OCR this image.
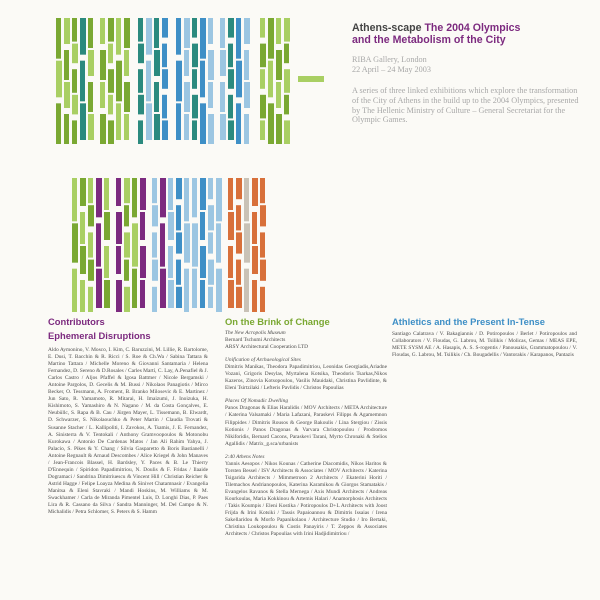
Athens-scape The 2004 Olympics
and the Metabolism of the City
RIBA Gallery, London
22 April – 24 May 2003
A series of three linked exhibitions which explore the transformation of the City of Athens in the build up to the 2004 Olympics, presented by The Hellenic Ministry of Culture – General Secretariat for the Olympic Games.
Contributors
Ephemeral Disruptions
Aldo Aymonino, V. Mosco, I. Kim, C. Baruzzini, M. Lillie, R. Bartolome, E. Dusi, T. Bacchin & R. Ricci / S. Roe & Ch.Wa / Sabina Tattara & Martino Tattara / Michelle Moreno & Giovanni Santamaria / Helena Fernandez, D. Sereno & D.Rosales / Carles Martí, C. Lay, A.Penafiel & J. Carlos Castro / Aljos Pfaffel & Igosa Battmer / Nicole Bergamski / Antoine Pargolos, D. Gecelis & M. Bussi / Nikolaos Panagiotis / Mirco Becker, O. Tessmann, A. Froment, B. Branko Milosevic & E. Martinez / Jun Sato, R. Yamamoto, R. Mitarai, H. Imaizumi, J. Inoizuka, H. Kishimoto, S. Yamashiro & N. Nagano / M. da Costa Gonçalves, E. Neubüllc, S. Rapa & B. Cau / Jürgen Mayer, L. Tissemann, B. Elwardt, D. Schwarzer, S. Nikolaouchko & Peter Martin / Claudia Trovati & Susanne Stacher / L. Kallipoliti, I. Zavokos, A. Tsamis, J. E. Fernandez, A. Sinisterra & V. Tentokali / Anthony Gramvoopoulos & Motonobu Kurokawa / Antonio De Cardenas Matos / Jan Ali Rahim Yahya, J. Palacio, S. Pikes & Y. Chang / Silvia Gasparetto & Boris Bastianelli / Antoine Regnault & Arnaud Descombes / Alice Kriegel & John Manaves / Jean-Francois Blassel, H. Bardsley, Y. Paces & B. Le Thierry D'Ennequin / Spiridon Papadimitriou, N. Doulis & F. Fridas / Ilaaide Dogramaci / Sandrina Dimitriuescu & Vincent Hill / Christian Reicher & Astrid Hagge / Felipe Loayza Medina & Sinivet Chatamnasir / Evangelia Manitsa & Eleni Stavraki / Mandi Hoskins, M. Williams & M. Swackhamer / Carla de Miranda Pimentel Luis, D. Longhi Dias, P. Paes Lira & R. Cassano da Silva / Sandra Manninger, M. Del Campo & N. Michalidis / Petra Schlomer, S. Peters & S. Hamm
On the Brink of Change
The New Acropolis Museum
Bernard Tschumi Architects
ARSY Architectural Cooperation LTD
Unification of Archaeological Sites
Dimitris Manikas, Theodora Papadimitriou, Leonidas Georgiadis,Ariadne Vozani, Grigoris Desylas, Myrtalena Kotsika, Theodoris Tsarkas,Nikos Kazeros, Zinovia Kotsopoulou, Vasilis Mauidaki, Christina Pavlidinte, & Eleni Tsirtzilaki / Lefteris Pavlidis / Christos Papoulias
Places Of Nomadic Dwelling
Panos Dragonas & Elias Haralidis / MOV Architects / META Architecture / Katerina Valsamaki / Maria Lafazani, Paraskevi Filipps & Agamemnon Filippides / Dimitris Rousos & George Bakoulis / Lina Stergiou / Zissis Kotionis / Panos Dragonas & Varvara Christopoulou / Prodromos Nikiforidis, Bernard Cacons, Paraskevi Tarani, Myrto Chronaki & Stelios Agallidis / Matrix_g.sca/urbanists
2:40 Athens Notes
Yannis Aesopos / Nikos Kounas / Catherine Diacomidis, Nikos Haritos & Torsten Bessel / ISV Architects & Associates / MOV Architects / Katerina Tsigarida Architects / Mimmetroon 2 Architects / Ekaterini Horiti / Tilemachos Andrianopoulos, Katerina Karamikou & Giorgos Stamatakis / Evangelos Ravanos & Stella Mernega / Axis Mundi Architects / Andreas Kourkoulas, Maria Kokkinou & Artemis Halari / Anamorphosis Architects / Takis Koumpis / Eleni Kostika / Potiropoulos D+L Architects with Joost Frijda & Irini Kotsiki / Tassis Papaioannou & Dimitris Issaias / Irena Sakellaridou & Morfo Papanikolaou / Architecture Studio / Iro Bertaki, Christina Loukopoulou & Costis Panayiris / T. Zeppos & Associates Architects / Christos Papoulias with Irini Hadjidimitriou /
Athletics and the Present In-Tense
Santiago Calatrava / V. Bakagiannis / D. Potiropoulos / Berlet / Potiropoulos and Collaborators / V. Floudas, G. Labrou, M. Tsilikis / Molicas, Gemas / MEAS EPE, METE SYSM AE / A. Hasapis, A. S. S-rogentis / Panousakis, Grammatopoulou / V. Floudas, G. Labrou, M. Tsilikis / Ch. Bougadellis / Vantorakis / Karapanos, Pantazis
